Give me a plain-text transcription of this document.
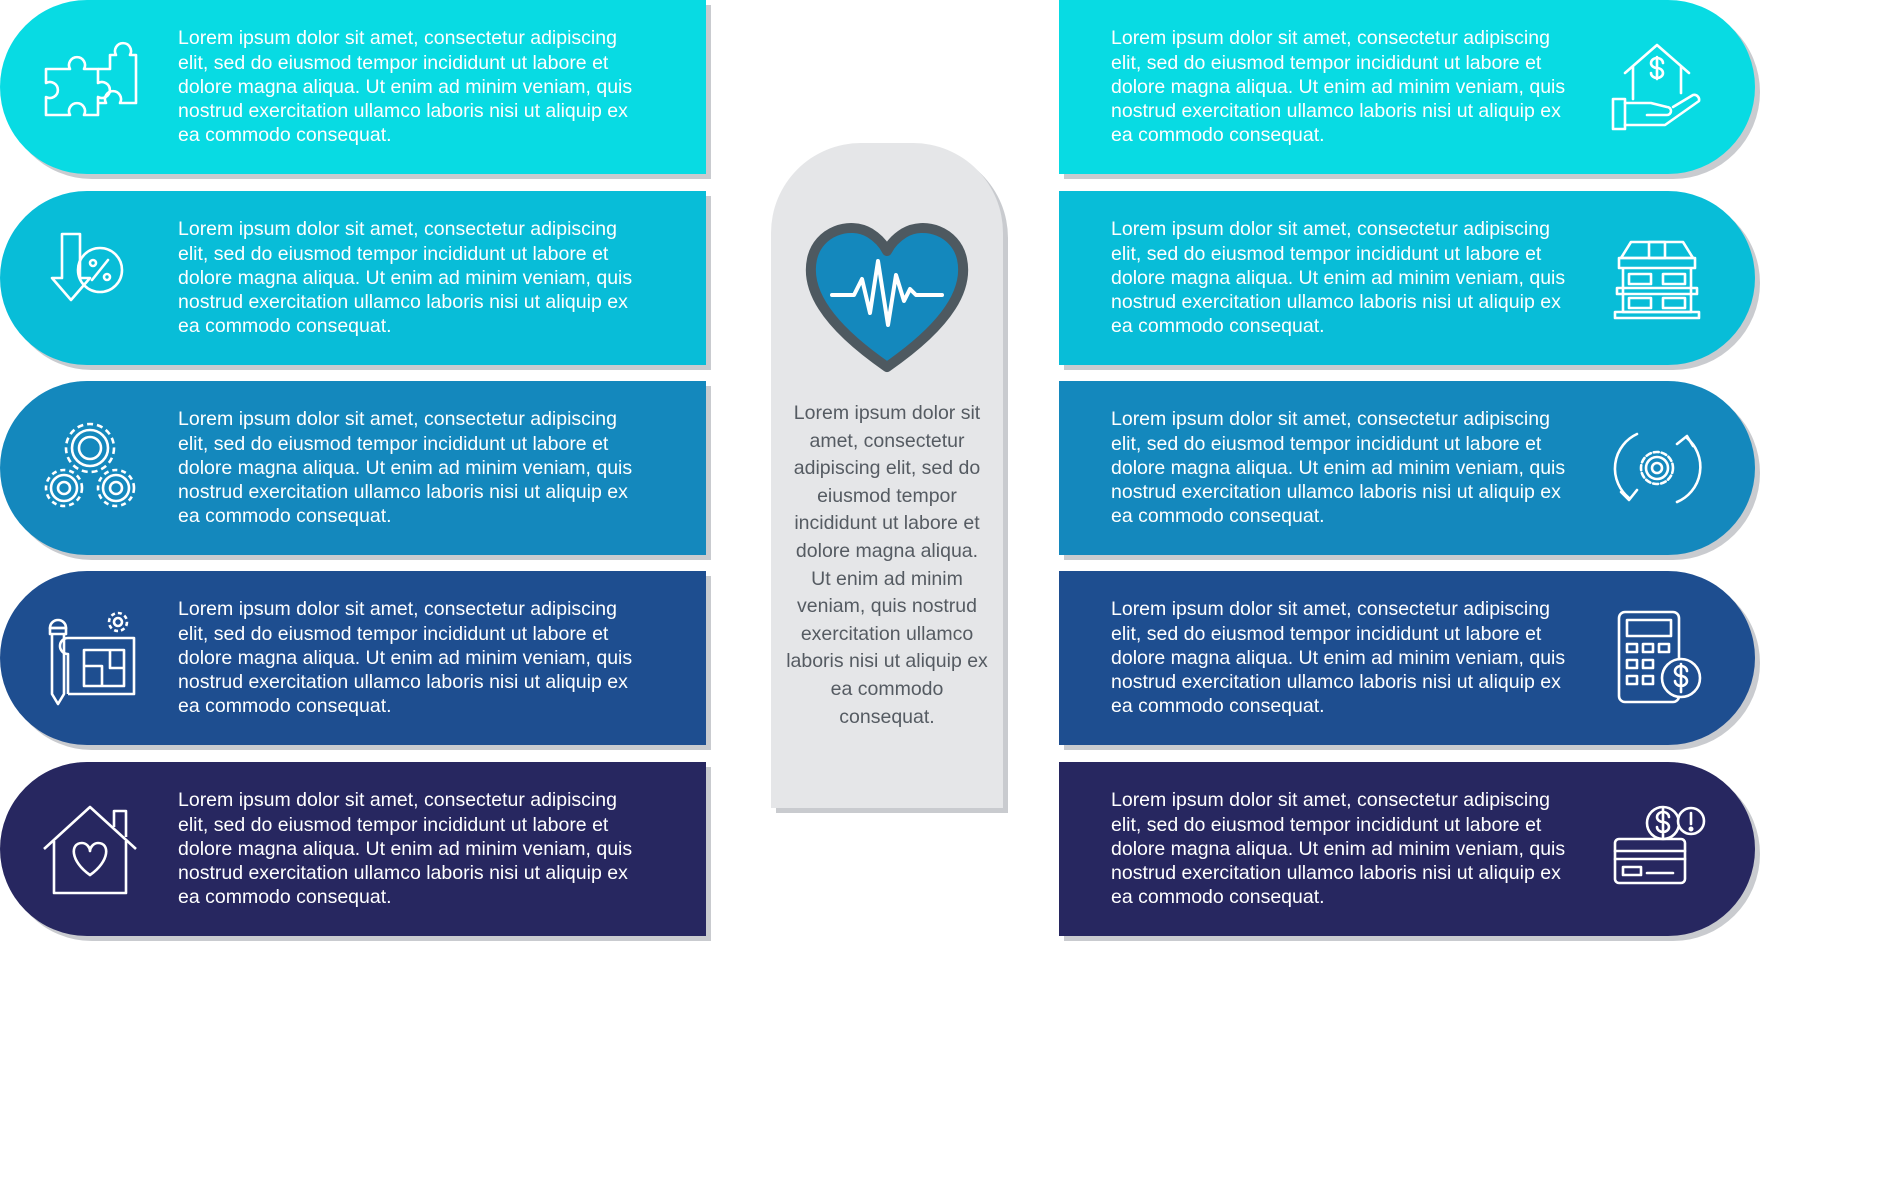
Lorem ipsum dolor sit amet, consectetur adipiscing
elit, sed do eiusmod tempor incididunt ut labore et
dolore magna aliqua. Ut enim ad minim veniam, quis
nostrud exercitation ullamco laboris nisi ut aliquip ex
ea commodo consequat.
Lorem ipsum dolor sit amet, consectetur adipiscing
elit, sed do eiusmod tempor incididunt ut labore et
dolore magna aliqua. Ut enim ad minim veniam, quis
nostrud exercitation ullamco laboris nisi ut aliquip ex
ea commodo consequat.
Lorem ipsum dolor sit amet, consectetur adipiscing
elit, sed do eiusmod tempor incididunt ut labore et
dolore magna aliqua. Ut enim ad minim veniam, quis
nostrud exercitation ullamco laboris nisi ut aliquip ex
ea commodo consequat.
Lorem ipsum dolor sit amet, consectetur adipiscing
elit, sed do eiusmod tempor incididunt ut labore et
dolore magna aliqua. Ut enim ad minim veniam, quis
nostrud exercitation ullamco laboris nisi ut aliquip ex
ea commodo consequat.
Lorem ipsum dolor sit amet, consectetur adipiscing
elit, sed do eiusmod tempor incididunt ut labore et
dolore magna aliqua. Ut enim ad minim veniam, quis
nostrud exercitation ullamco laboris nisi ut aliquip ex
ea commodo consequat.
Lorem ipsum dolor sit amet, consectetur adipiscing elit, sed do eiusmod tempor incididunt ut labore et dolore magna aliqua. Ut enim ad minim veniam, quis nostrud exercitation ullamco laboris nisi ut aliquip ex ea commodo consequat.
Lorem ipsum dolor sit amet, consectetur adipiscing
elit, sed do eiusmod tempor incididunt ut labore et
dolore magna aliqua. Ut enim ad minim veniam, quis
nostrud exercitation ullamco laboris nisi ut aliquip ex
ea commodo consequat.
Lorem ipsum dolor sit amet, consectetur adipiscing
elit, sed do eiusmod tempor incididunt ut labore et
dolore magna aliqua. Ut enim ad minim veniam, quis
nostrud exercitation ullamco laboris nisi ut aliquip ex
ea commodo consequat.
Lorem ipsum dolor sit amet, consectetur adipiscing
elit, sed do eiusmod tempor incididunt ut labore et
dolore magna aliqua. Ut enim ad minim veniam, quis
nostrud exercitation ullamco laboris nisi ut aliquip ex
ea commodo consequat.
Lorem ipsum dolor sit amet, consectetur adipiscing
elit, sed do eiusmod tempor incididunt ut labore et
dolore magna aliqua. Ut enim ad minim veniam, quis
nostrud exercitation ullamco laboris nisi ut aliquip ex
ea commodo consequat.
Lorem ipsum dolor sit amet, consectetur adipiscing
elit, sed do eiusmod tempor incididunt ut labore et
dolore magna aliqua. Ut enim ad minim veniam, quis
nostrud exercitation ullamco laboris nisi ut aliquip ex
ea commodo consequat.
